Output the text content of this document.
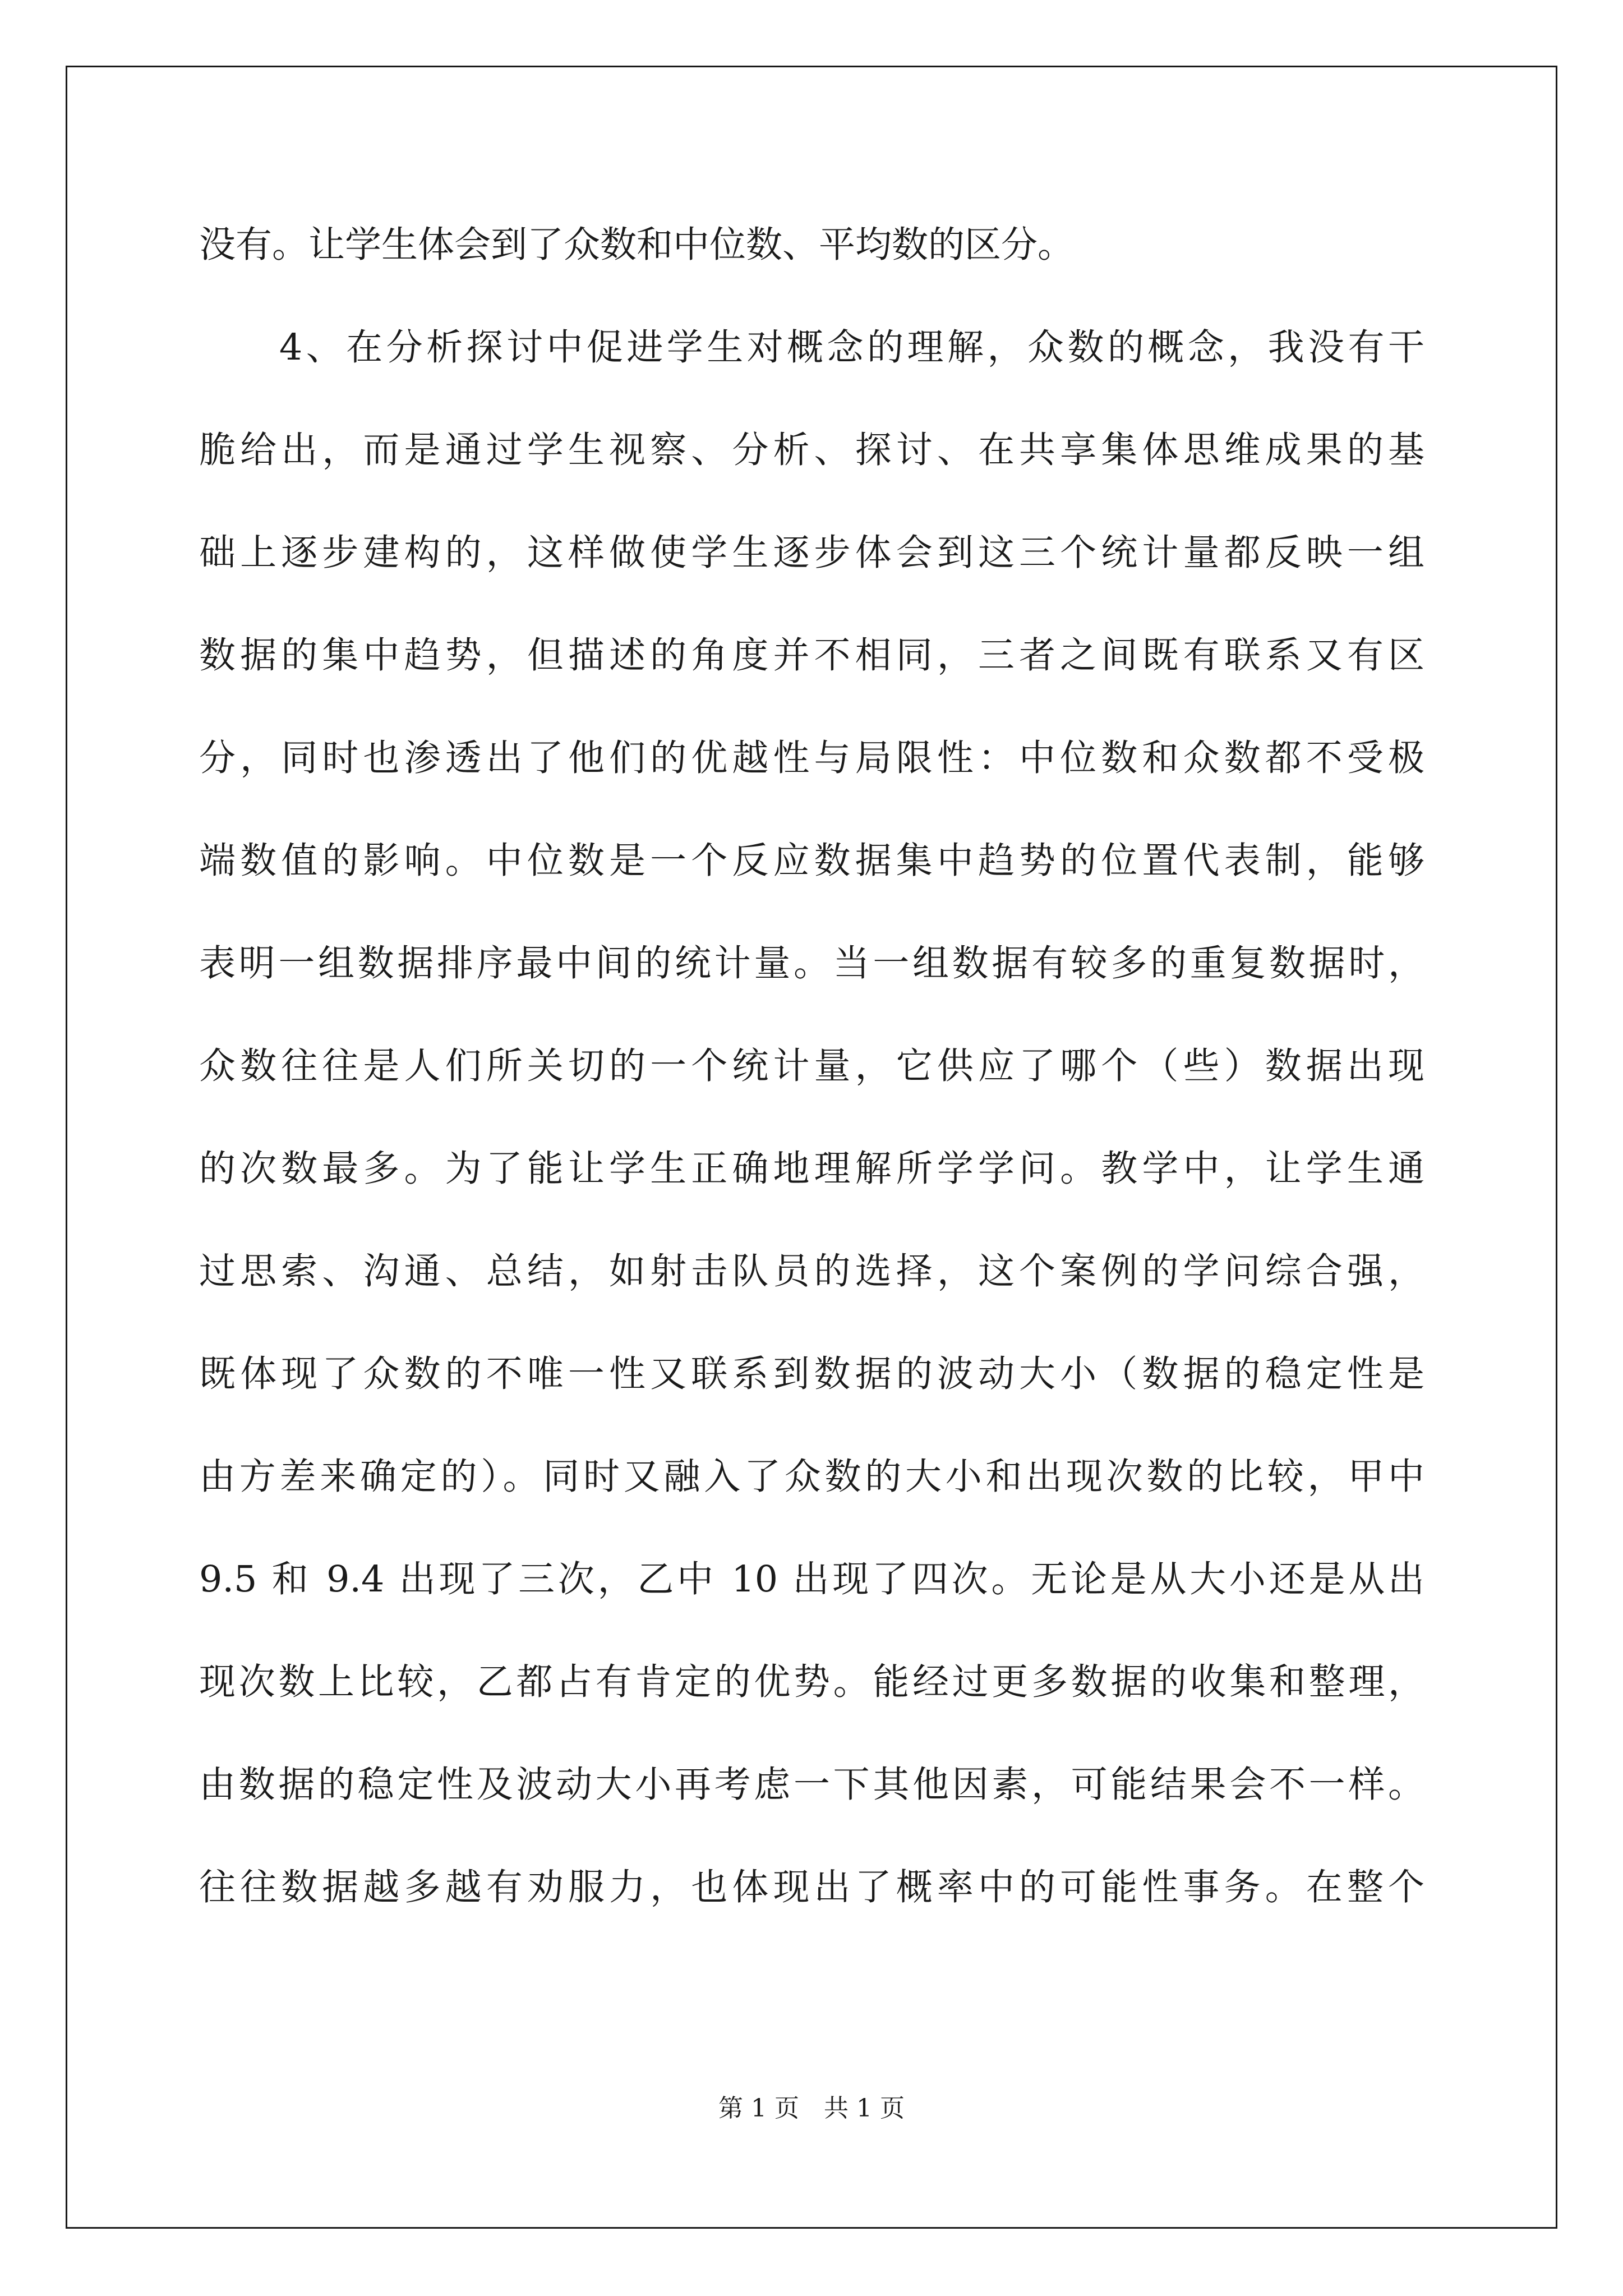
没有。让学生体会到了众数和中位数、平均数的区分。
　　4、在分析探讨中促进学生对概念的理解，众数的概念，我没有干
脆给出，而是通过学生视察、分析、探讨、在共享集体思维成果的基
础上逐步建构的，这样做使学生逐步体会到这三个统计量都反映一组
数据的集中趋势，但描述的角度并不相同，三者之间既有联系又有区
分，同时也渗透出了他们的优越性与局限性：中位数和众数都不受极
端数值的影响。中位数是一个反应数据集中趋势的位置代表制，能够
表明一组数据排序最中间的统计量。当一组数据有较多的重复数据时，
众数往往是人们所关切的一个统计量，它供应了哪个（些）数据出现
的次数最多。为了能让学生正确地理解所学学问。教学中，让学生通
过思索、沟通、总结，如射击队员的选择，这个案例的学问综合强，
既体现了众数的不唯一性又联系到数据的波动大小（数据的稳定性是
由方差来确定的）。同时又融入了众数的大小和出现次数的比较，甲中
9.5 和 9.4 出现了三次，乙中 10 出现了四次。无论是从大小还是从出
现次数上比较，乙都占有肯定的优势。能经过更多数据的收集和整理，
由数据的稳定性及波动大小再考虑一下其他因素，可能结果会不一样。
往往数据越多越有劝服力，也体现出了概率中的可能性事务。在整个
第 1 页　共 1 页
